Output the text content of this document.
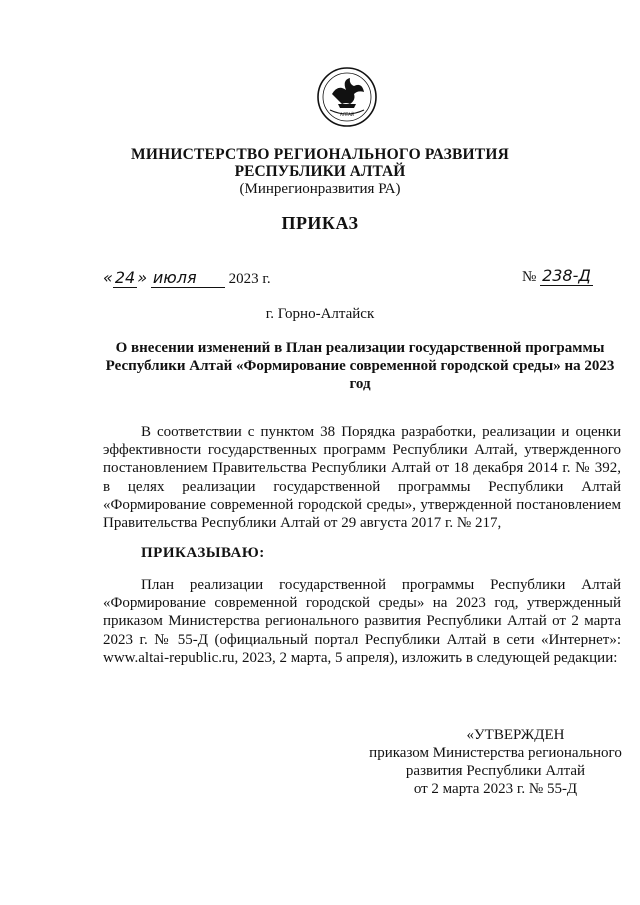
АЛТАЙ
МИНИСТЕРСТВО РЕГИОНАЛЬНОГО РАЗВИТИЯ
РЕСПУБЛИКИ АЛТАЙ
(Минрегионразвития РА)
ПРИКАЗ
« 24 » июля 2023 г.	№ 238-Д
г. Горно-Алтайск
О внесении изменений в План реализации государственной программы Республики Алтай «Формирование современной городской среды» на 2023 год
В соответствии с пунктом 38 Порядка разработки, реализации и оценки эффективности государственных программ Республики Алтай, утвержденного постановлением Правительства Республики Алтай от 18 декабря 2014 г. № 392, в целях реализации государственной программы Республики Алтай «Формирование современной городской среды», утвержденной постановлением Правительства Республики Алтай от 29 августа 2017 г. № 217,
ПРИКАЗЫВАЮ:
План реализации государственной программы Республики Алтай «Формирование современной городской среды» на 2023 год, утвержденный приказом Министерства регионального развития Республики Алтай от 2 марта 2023 г. № 55-Д (официальный портал Республики Алтай в сети «Интернет»: www.altai-republic.ru, 2023, 2 марта, 5 апреля), изложить в следующей редакции:
«УТВЕРЖДЕН
приказом Министерства регионального
развития Республики Алтай
от 2 марта 2023 г. № 55-Д
